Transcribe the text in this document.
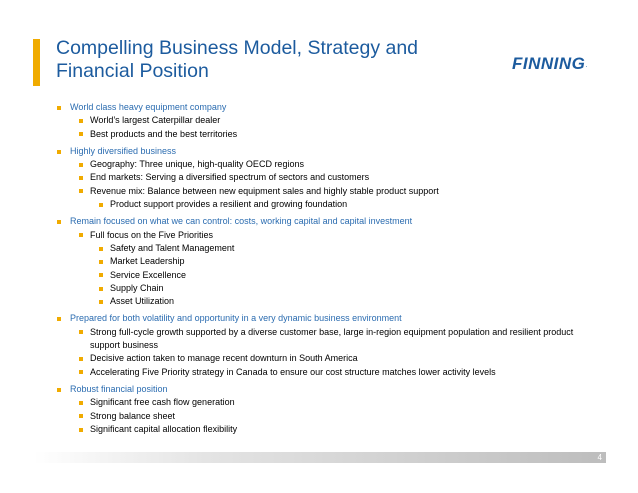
Compelling Business Model, Strategy and Financial Position	FINNING.
World class heavy equipment company
World’s largest Caterpillar dealer
Best products and the best territories
Highly diversified business
Geography: Three unique, high-quality OECD regions
End markets: Serving a diversified spectrum of sectors and customers
Revenue mix: Balance between new equipment sales and highly stable product support
Product support provides a resilient and growing foundation
Remain focused on what we can control: costs, working capital and capital investment
Full focus on the Five Priorities
Safety and Talent Management
Market Leadership
Service Excellence
Supply Chain
Asset Utilization
Prepared for both volatility and opportunity in a very dynamic business environment
Strong full-cycle growth supported by a diverse customer base, large in-region equipment population and resilient product support business
Decisive action taken to manage recent downturn in South America
Accelerating Five Priority strategy in Canada to ensure our cost structure matches lower activity levels
Robust financial position
Significant free cash flow generation
Strong balance sheet
Significant capital allocation flexibility
4
